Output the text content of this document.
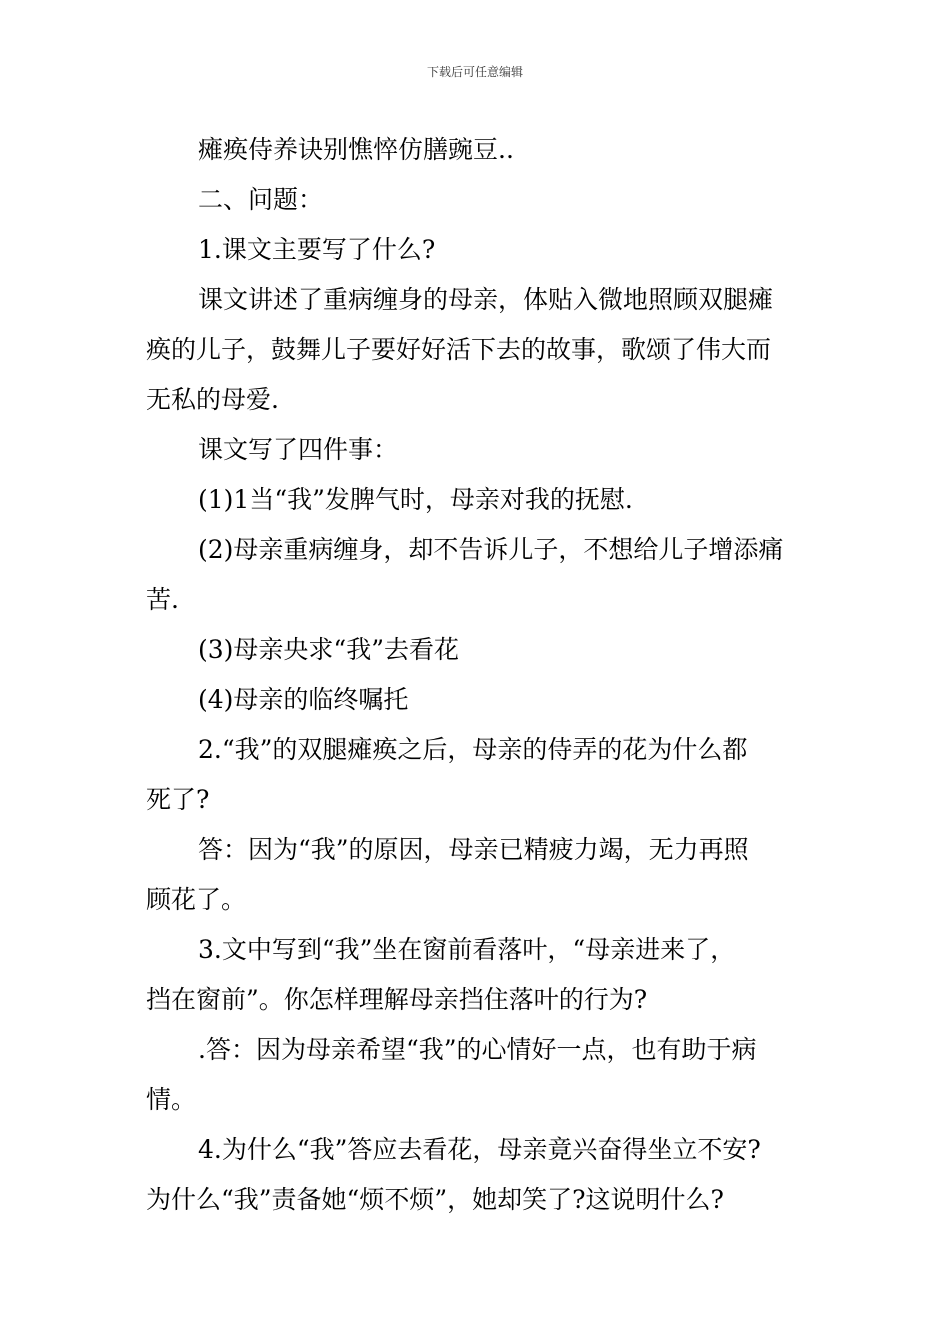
下载后可任意编辑

瘫痪侍养诀别憔悴仿膳豌豆..

二、问题：

1.课文主要写了什么?

课文讲述了重病缠身的母亲，体贴入微地照顾双腿瘫

痪的儿子，鼓舞儿子要好好活下去的故事，歌颂了伟大而

无私的母爱.

课文写了四件事：

(1)1当“我”发脾气时，母亲对我的抚慰.

(2)母亲重病缠身，却不告诉儿子，不想给儿子增添痛

苦.

(3)母亲央求“我”去看花

(4)母亲的临终嘱托

2.“我”的双腿瘫痪之后，母亲的侍弄的花为什么都

死了?

答：因为“我”的原因，母亲已精疲力竭，无力再照

顾花了。

3.文中写到“我”坐在窗前看落叶，“母亲进来了，

挡在窗前”。你怎样理解母亲挡住落叶的行为?

.答：因为母亲希望“我”的心情好一点，也有助于病

情。

4.为什么“我”答应去看花，母亲竟兴奋得坐立不安?

为什么“我”责备她“烦不烦”，她却笑了?这说明什么?
